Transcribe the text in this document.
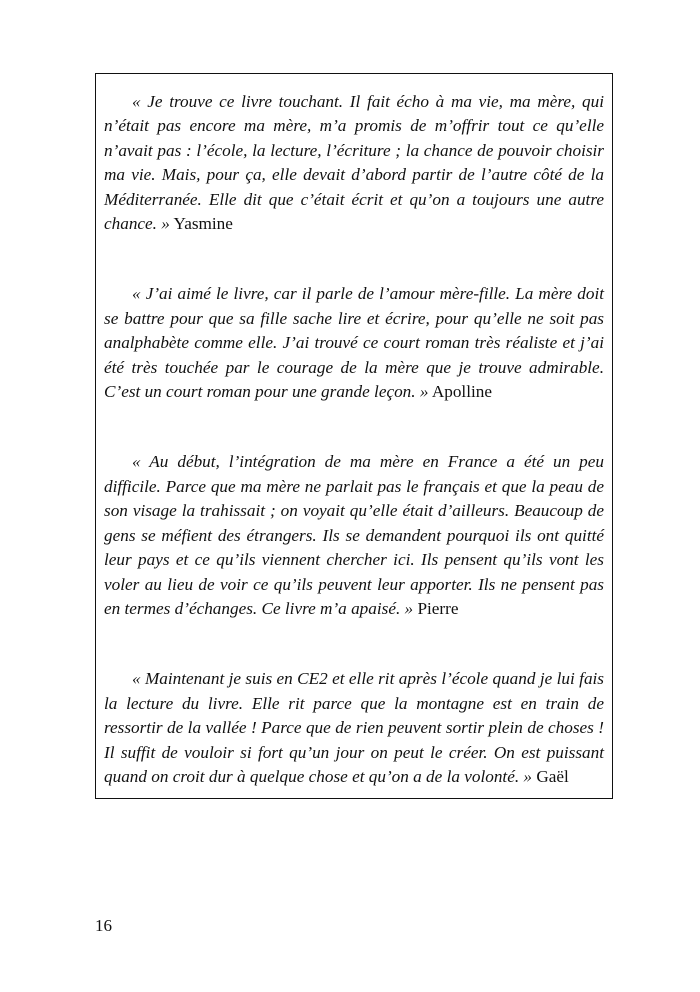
« Je trouve ce livre touchant. Il fait écho à ma vie, ma mère, qui n’était pas encore ma mère, m’a promis de m’offrir tout ce qu’elle n’avait pas : l’école, la lecture, l’écriture ; la chance de pouvoir choisir ma vie. Mais, pour ça, elle devait d’abord partir de l’autre côté de la Méditerranée. Elle dit que c’était écrit et qu’on a toujours une autre chance. » Yasmine

« J’ai aimé le livre, car il parle de l’amour mère-fille. La mère doit se battre pour que sa fille sache lire et écrire, pour qu’elle ne soit pas analphabète comme elle. J’ai trouvé ce court roman très réaliste et j’ai été très touchée par le courage de la mère que je trouve admirable. C’est un court roman pour une grande leçon. » Apolline

« Au début, l’intégration de ma mère en France a été un peu difficile. Parce que ma mère ne parlait pas le français et que la peau de son visage la trahissait ; on voyait qu’elle était d’ailleurs. Beaucoup de gens se méfient des étrangers. Ils se demandent pourquoi ils ont quitté leur pays et ce qu’ils viennent chercher ici. Ils pensent qu’ils vont les voler au lieu de voir ce qu’ils peuvent leur apporter. Ils ne pensent pas en termes d’échanges. Ce livre m’a apaisé. » Pierre

« Maintenant je suis en CE2 et elle rit après l’école quand je lui fais la lecture du livre. Elle rit parce que la montagne est en train de ressortir de la vallée ! Parce que de rien peuvent sortir plein de choses ! Il suffit de vouloir si fort qu’un jour on peut le créer. On est puissant quand on croit dur à quelque chose et qu’on a de la volonté. » Gaël

16
